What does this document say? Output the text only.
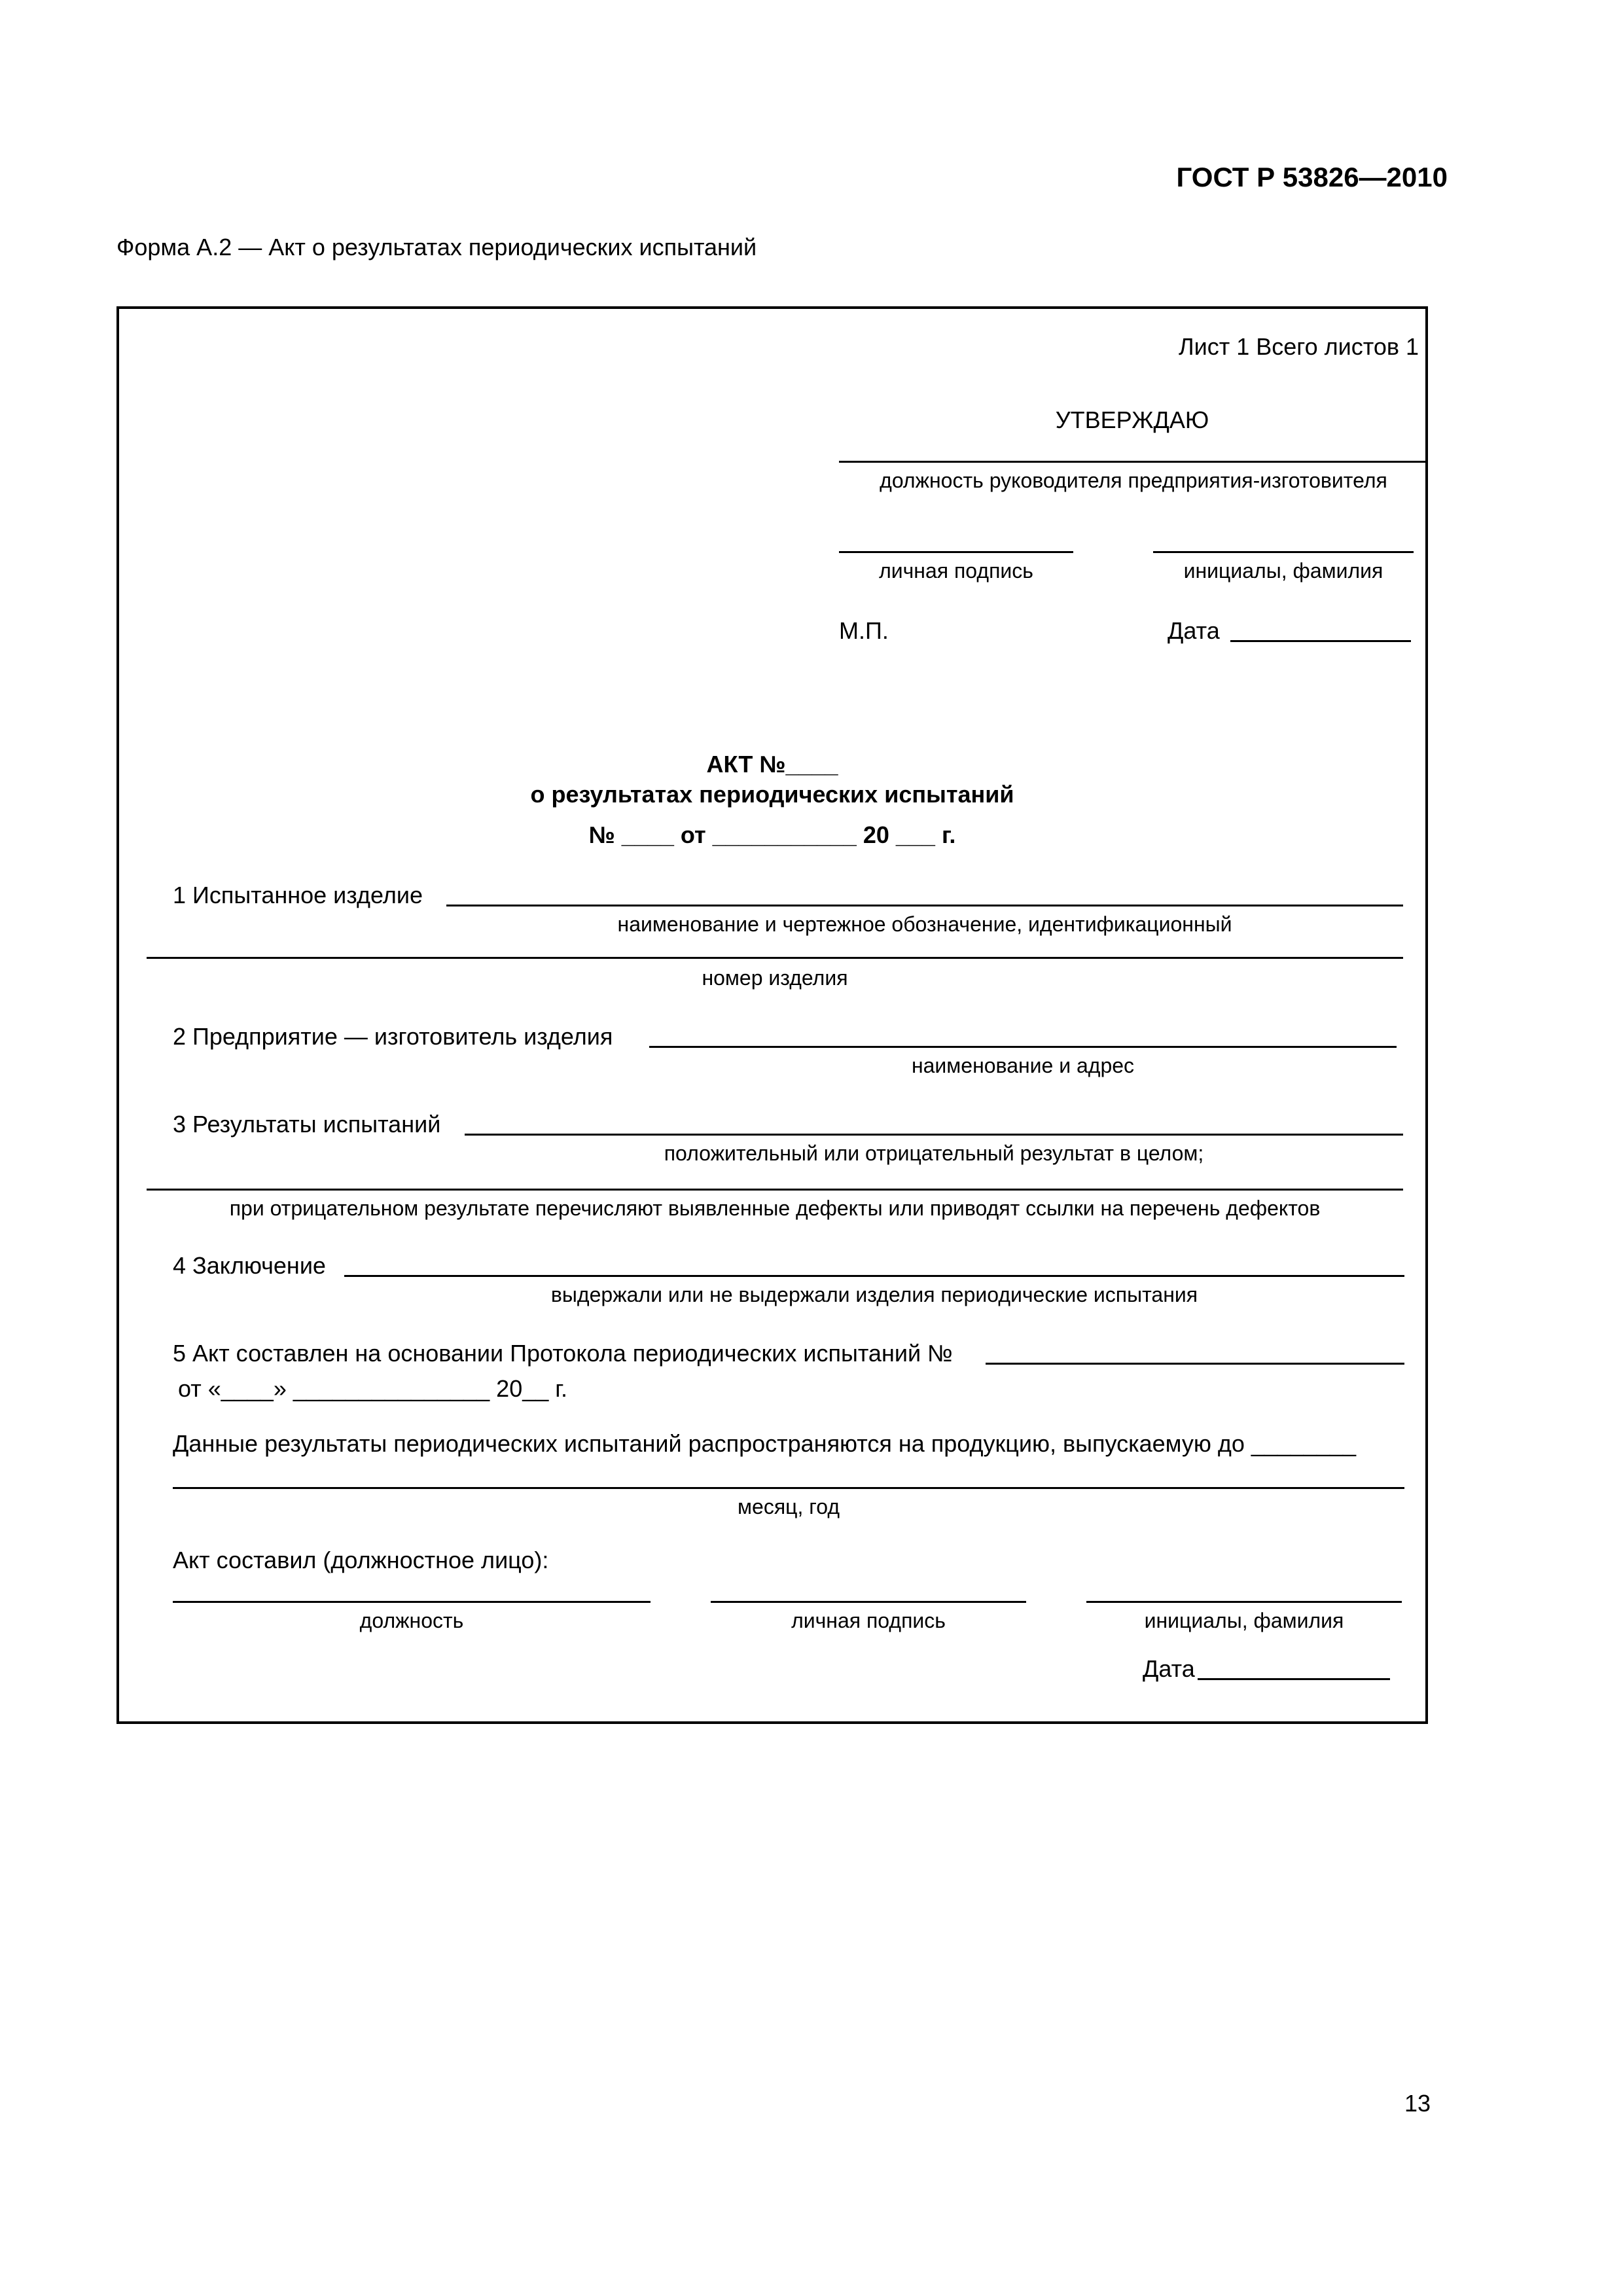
ГОСТ Р 53826—2010
Форма А.2 — Акт о результатах периодических испытаний
Лист 1 Всего листов 1
УТВЕРЖДАЮ
должность руководителя предприятия-изготовителя
личная подпись	инициалы, фамилия
М.П.	Дата
АКТ №____
о результатах периодических испытаний
№ ____ от ___________ 20 ___ г.
1 Испытанное изделие
наименование и чертежное обозначение, идентификационный
номер изделия
2 Предприятие — изготовитель изделия
наименование и адрес
3 Результаты испытаний
положительный или отрицательный результат в целом;
при отрицательном результате перечисляют выявленные дефекты или приводят ссылки на перечень дефектов
4 Заключение
выдержали или не выдержали изделия периодические испытания
5 Акт составлен на основании Протокола периодических испытаний №
от «____» _______________ 20__ г.
Данные результаты периодических испытаний распространяются на продукцию, выпускаемую до ________
месяц, год
Акт составил (должностное лицо):
должность	личная подпись	инициалы, фамилия
Дата
13
